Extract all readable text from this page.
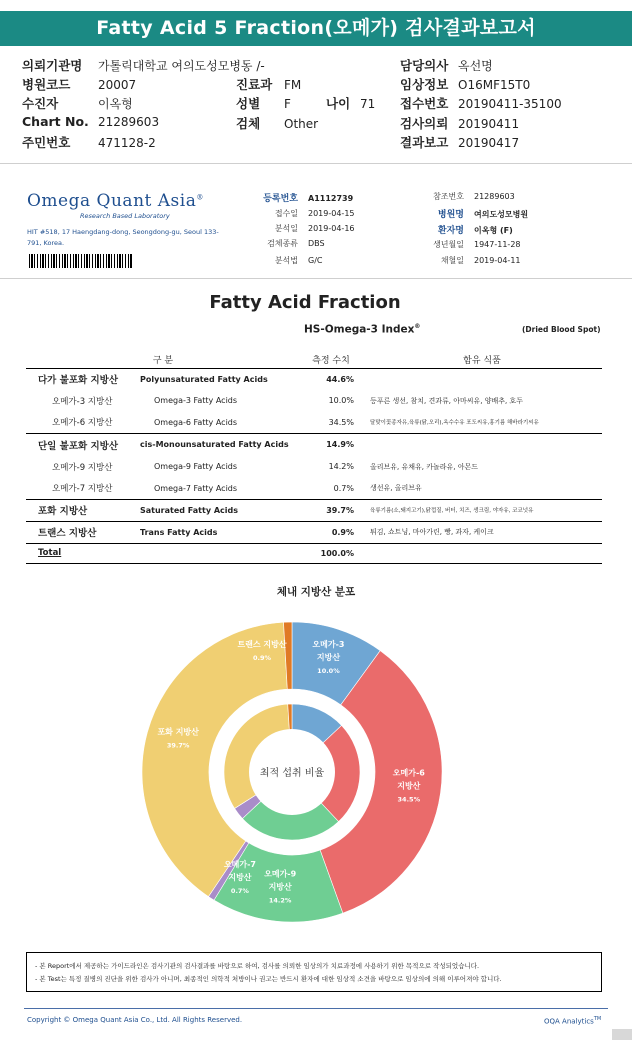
Fatty Acid 5 Fraction(오메가) 검사결과보고서
의뢰기관명 가톨릭대학교 여의도성모병동 /-
병원코드 20007
수진자	이옥형
Chart No. 21289603
주민번호 471128-2
진료과 FM
성별 F	나이 71
검체 Other
담당의사 옥선명
임상정보 O16MF15T0
접수번호 20190411-35100
검사의뢰 20190411
결과보고 20190417
Omega Quant Asia®
Research Based Laboratory
HIT #518, 17 Haengdang-dong, Seongdong-gu, Seoul 133-791, Korea.
등록번호 A1112739
접수일 2019-04-15
분석일 2019-04-16
검체종류 DBS
분석법 G/C
참조번호 21289603
병원명 여의도성모병원
환자명 이옥형 (F)
생년월일 1947-11-28
채혈일 2019-04-11
Fatty Acid Fraction
HS-Omega-3 Index®	(Dried Blood Spot)
구 분		측정 수치	함유 식품
다가 불포화 지방산	Polyunsaturated Fatty Acids	44.6%	
오메가-3 지방산	Omega-3 Fatty Acids	10.0%	등푸른 생선, 참치, 견과류, 아마씨유, 양배추, 호두
오메가-6 지방산	Omega-6 Fatty Acids	34.5%	달맞이꽃종자유,육류(닭,오리),옥수수유 포도씨유,홍기름 해바라기씨유
단일 불포화 지방산	cis-Monounsaturated Fatty Acids	14.9%	
오메가-9 지방산	Omega-9 Fatty Acids	14.2%	올리브유, 유채유, 카놀라유, 아몬드
오메가-7 지방산	Omega-7 Fatty Acids	0.7%	생선유, 올리브유
포화 지방산	Saturated Fatty Acids	39.7%	육류기름(소,돼지고기),닭껍질, 버터, 치즈, 생크림, 야자유, 코코넛유
트랜스 지방산	Trans Fatty Acids	0.9%	튀김, 쇼트닝, 마아가린, 빵, 과자, 케이크
Total		100.0%	
체내 지방산 분포
오메가-3 지방산 10.0%
오메가-6 지방산 34.5%
오메가-9 지방산 14.2%
오메가-7 지방산 0.7%
포화 지방산 39.7%
트랜스 지방산 0.9%
최적 섭취 비율
- 본 Report에서 제공하는 가이드라인은 검사기관의 검사결과를 바탕으로 하여, 검사를 의뢰한 임상의가 치료과정에 사용하기 위한 목적으로 작성되었습니다.
- 본 Test는 특정 질병의 진단을 위한 검사가 아니며, 최종적인 의학적 처방이나 권고는 반드시 환자에 대한 임상적 소견을 바탕으로 임상의에 의해 이루어져야 합니다.
Copyright © Omega Quant Asia Co., Ltd. All Rights Reserved.	OQA Analytics™
